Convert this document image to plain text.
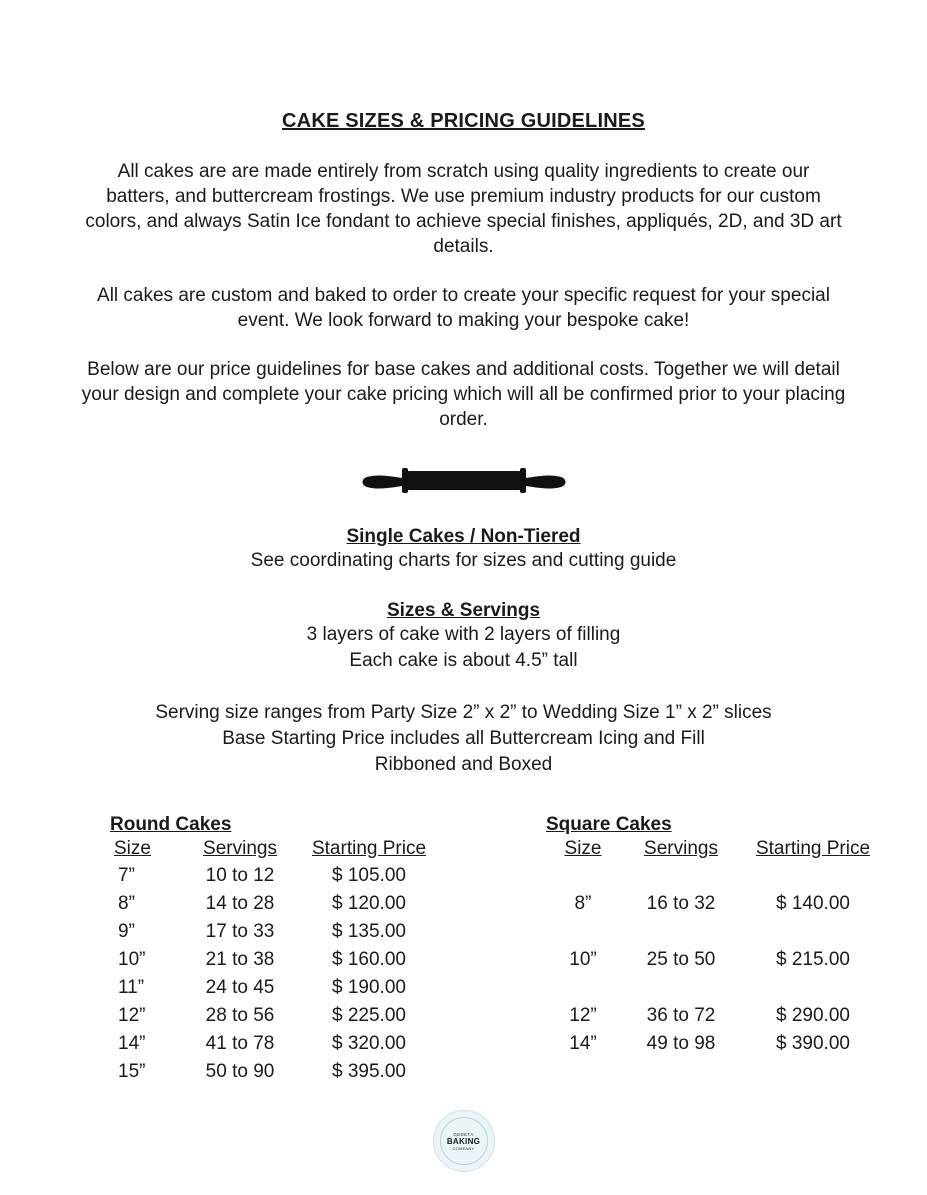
CAKE SIZES & PRICING GUIDELINES

All cakes are are made entirely from scratch using quality ingredients to create our batters, and buttercream frostings. We use premium industry products for our custom colors, and always Satin Ice fondant to achieve special finishes, appliqués, 2D, and 3D art details.

All cakes are custom and baked to order to create your specific request for your special event. We look forward to making your bespoke cake!

Below are our price guidelines for base cakes and additional costs. Together we will detail your design and complete your cake pricing which will all be confirmed prior to your placing order.

Single Cakes / Non-Tiered
See coordinating charts for sizes and cutting guide
Sizes & Servings
3 layers of cake with 2 layers of filling
Each cake is about 4.5” tall
Serving size ranges from Party Size 2” x 2” to Wedding Size 1” x 2” slices
Base Starting Price includes all Buttercream Icing and Fill
Ribboned and Boxed
Round Cakes
Size	Servings	Starting Price
7”	10 to 12	$ 105.00
8”	14 to 28	$ 120.00
9”	17 to 33	$ 135.00
10”	21 to 38	$ 160.00
11”	24 to 45	$ 190.00
12”	28 to 56	$ 225.00
14”	41 to 78	$ 320.00
15”	50 to 90	$ 395.00
Square Cakes
Size	Servings	Starting Price

8”	16 to 32	$ 140.00

10”	25 to 50	$ 215.00

12”	36 to 72	$ 290.00
14”	49 to 98	$ 390.00
GEDETA
BAKING
COMPANY
